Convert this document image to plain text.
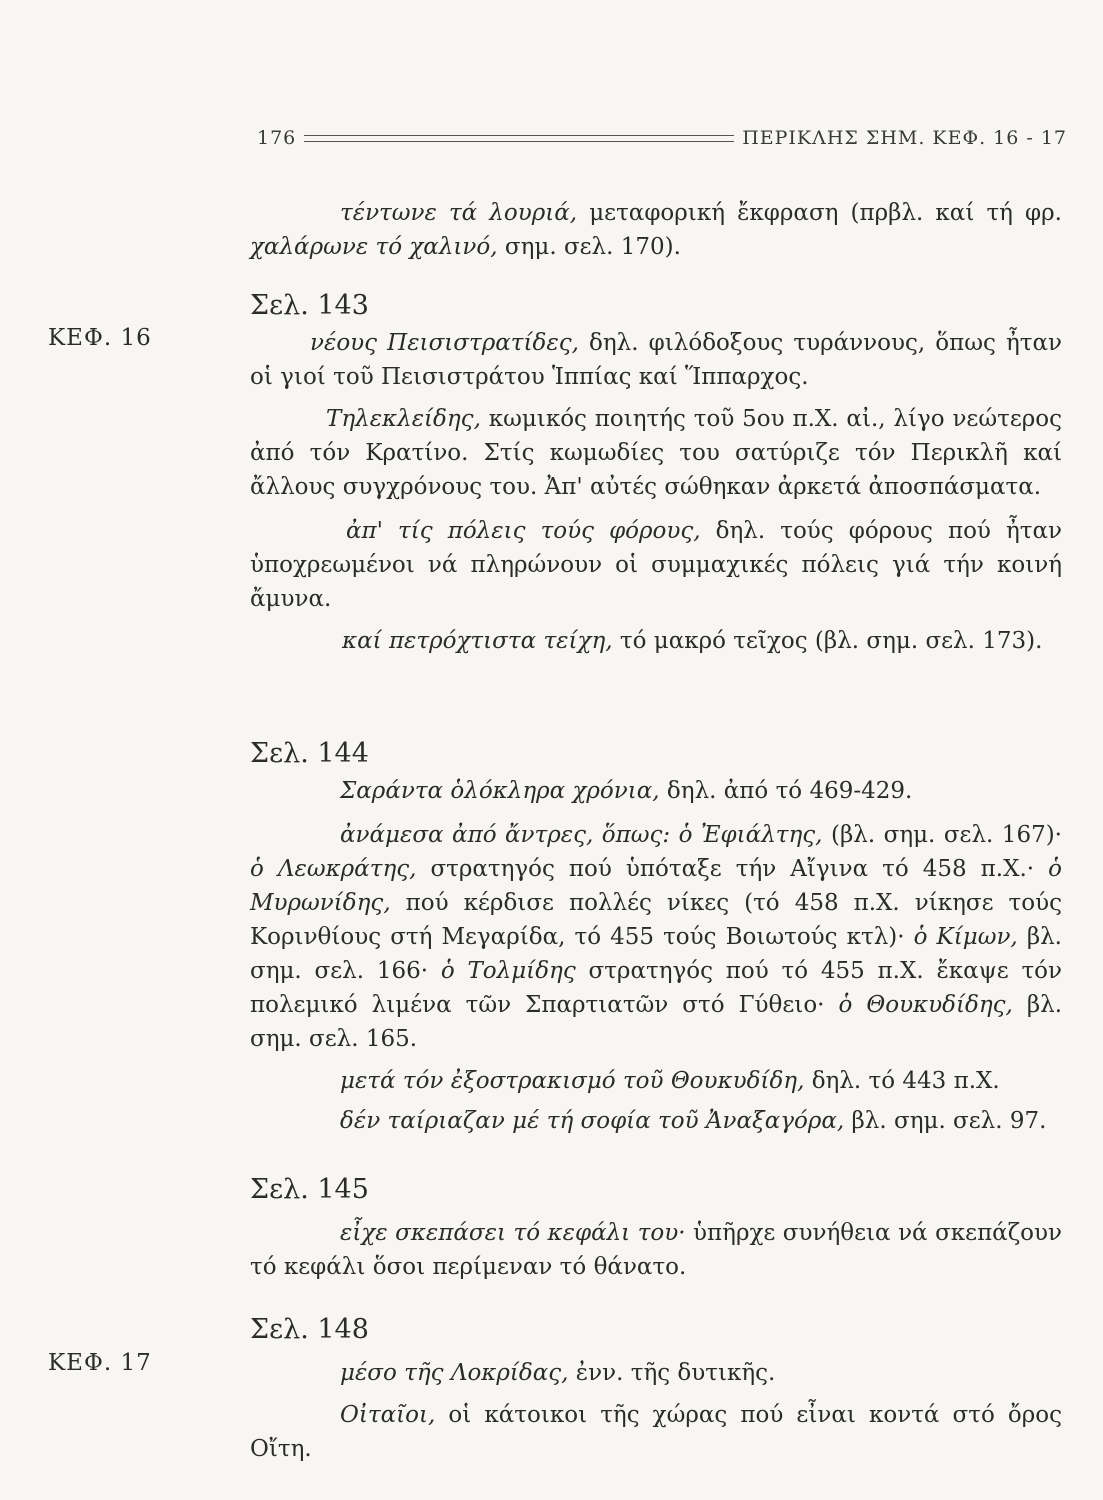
176	ΠΕΡΙΚΛΗΣ ΣΗΜ. ΚΕΦ. 16 - 17
ΚΕΦ. 16
ΚΕΦ. 17

τέντωνε τά λουριά, μεταφορική ἔκφραση (πρβλ. καί τή φρ. χαλάρωνε τό χαλινό, σημ. σελ. 170).

Σελ. 143

νέους Πεισιστρατίδες, δηλ. φιλόδοξους τυράννους, ὅπως ἦταν οἱ γιοί τοῦ Πεισιστράτου Ἱππίας καί Ἵππαρχος.

Τηλεκλείδης, κωμικός ποιητής τοῦ 5ου π.Χ. αἰ., λίγο νεώτερος ἀπό τόν Κρατίνο. Στίς κωμωδίες του σατύριζε τόν Περικλῆ καί ἄλλους συγχρόνους του. Ἀπ' αὐτές σώθηκαν ἀρκετά ἀποσπάσματα.

ἀπ' τίς πόλεις τούς φόρους, δηλ. τούς φόρους πού ἦταν ὑποχρεωμένοι νά πληρώνουν οἱ συμμαχικές πόλεις γιά τήν κοινή ἄμυνα.

καί πετρόχτιστα τείχη, τό μακρό τεῖχος (βλ. σημ. σελ. 173).

Σελ. 144

Σαράντα ὁλόκληρα χρόνια, δηλ. ἀπό τό 469-429.

ἀνάμεσα ἀπό ἄντρες, ὅπως: ὁ Ἐφιάλτης, (βλ. σημ. σελ. 167)· ὁ Λεωκράτης, στρατηγός πού ὑπόταξε τήν Αἴγινα τό 458 π.Χ.· ὁ Μυρωνίδης, πού κέρδισε πολλές νίκες (τό 458 π.Χ. νίκησε τούς Κορινθίους στή Μεγαρίδα, τό 455 τούς Βοιωτούς κτλ)· ὁ Κίμων, βλ. σημ. σελ. 166· ὁ Τολμίδης στρατηγός πού τό 455 π.Χ. ἔκαψε τόν πολεμικό λιμένα τῶν Σπαρτιατῶν στό Γύθειο· ὁ Θουκυδίδης, βλ. σημ. σελ. 165.

μετά τόν ἐξοστρακισμό τοῦ Θουκυδίδη, δηλ. τό 443 π.Χ.

δέν ταίριαζαν μέ τή σοφία τοῦ Ἀναξαγόρα, βλ. σημ. σελ. 97.

Σελ. 145

εἶχε σκεπάσει τό κεφάλι του· ὑπῆρχε συνήθεια νά σκεπάζουν τό κεφάλι ὅσοι περίμεναν τό θάνατο.

Σελ. 148

μέσο τῆς Λοκρίδας, ἐνν. τῆς δυτικῆς.

Οἰταῖοι, οἱ κάτοικοι τῆς χώρας πού εἶναι κοντά στό ὄρος Οἴτη.
